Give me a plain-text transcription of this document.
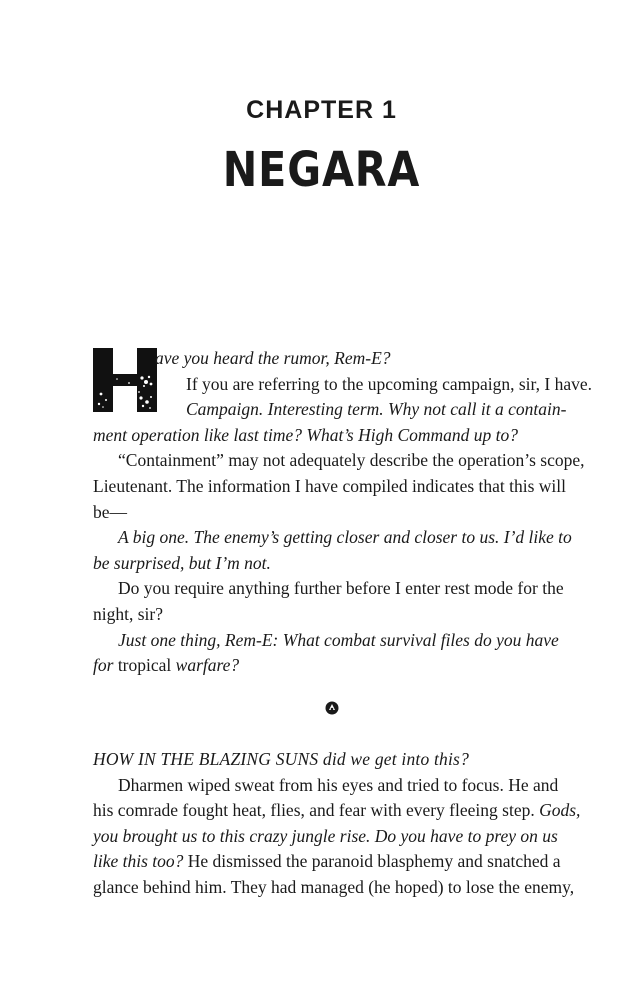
CHAPTER 1
NEGARA
ave you heard the rumor, Rem-E?
If you are referring to the upcoming campaign, sir, I have.
Campaign. Interesting term. Why not call it a contain-
ment operation like last time? What’s High Command up to?
“Containment” may not adequately describe the operation’s scope,
Lieutenant. The information I have compiled indicates that this will
be—
A big one. The enemy’s getting closer and closer to us. I’d like to
be surprised, but I’m not.
Do you require anything further before I enter rest mode for the
night, sir?
Just one thing, Rem-E: What combat survival files do you have
for tropical warfare?
HOW IN THE BLAZING SUNS did we get into this?
Dharmen wiped sweat from his eyes and tried to focus. He and
his comrade fought heat, flies, and fear with every fleeing step. Gods,
you brought us to this crazy jungle rise. Do you have to prey on us
like this too? He dismissed the paranoid blasphemy and snatched a
glance behind him. They had managed (he hoped) to lose the enemy,
